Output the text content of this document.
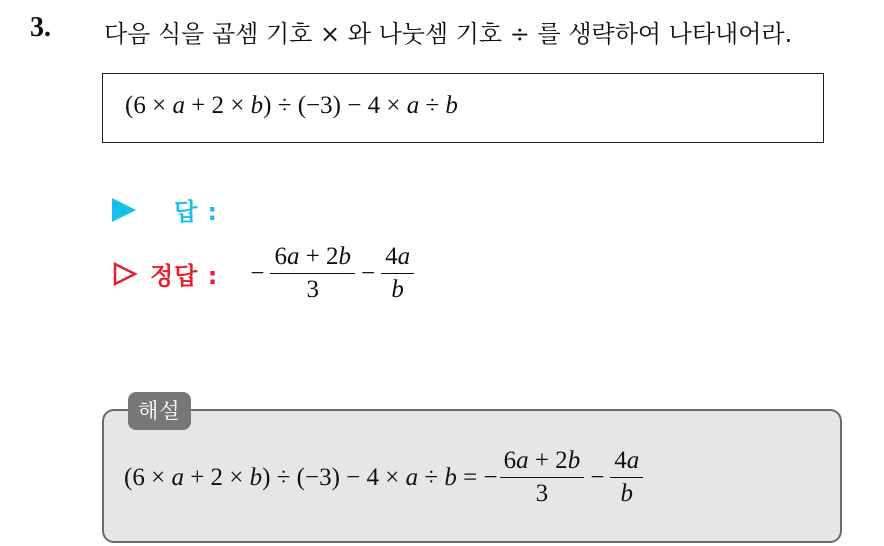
3. 다음 식을 곱셈 기호 × 와 나눗셈 기호 ÷ 를 생략하여 나타내어라.
(6 × a + 2 × b) ÷ (−3) − 4 × a ÷ b
답 :
정답 : − $\frac{6a + 2b}{3} - \frac{4a}{b}$
해설
(6 × a + 2 × b) ÷ (−3) − 4 × a ÷ b = − $\frac{6a + 2b}{3} - \frac{4a}{b}$
